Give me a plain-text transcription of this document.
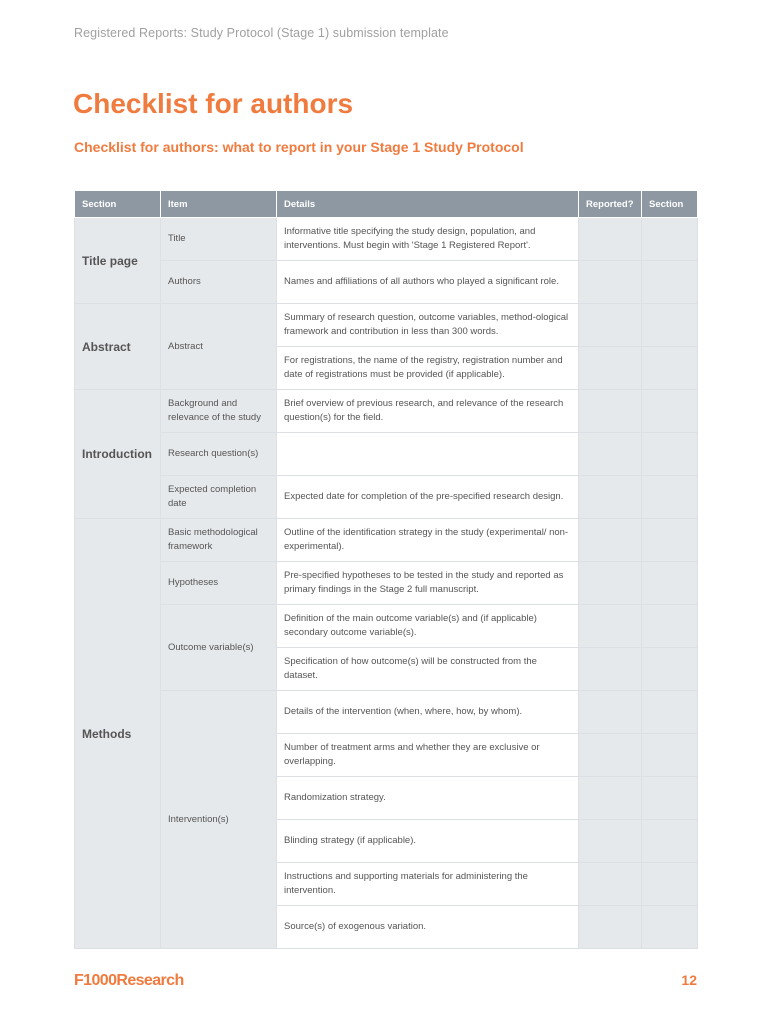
Registered Reports: Study Protocol (Stage 1) submission template
Checklist for authors
Checklist for authors: what to report in your Stage 1 Study Protocol
Section	Item	Details	Reported?	Section
Title page	Title	Informative title specifying the study design, population, and interventions. Must begin with 'Stage 1 Registered Report'.		
	Authors	Names and affiliations of all authors who played a significant role.		
Abstract	Abstract	Summary of research question, outcome variables, method-ological framework and contribution in less than 300 words.		
		For registrations, the name of the registry, registration number and date of registrations must be provided (if applicable).		
Introduction	Background and relevance of the study	Brief overview of previous research, and relevance of the research question(s) for the field.		
	Research question(s)			
	Expected completion date	Expected date for completion of the pre-specified research design.		
Methods	Basic methodological framework	Outline of the identification strategy in the study (experimental/ non-experimental).		
	Hypotheses	Pre-specified hypotheses to be tested in the study and reported as primary findings in the Stage 2 full manuscript.		
	Outcome variable(s)	Definition of the main outcome variable(s) and (if applicable) secondary outcome variable(s).		
		Specification of how outcome(s) will be constructed from the dataset.		
	Intervention(s)	Details of the intervention (when, where, how, by whom).		
		Number of treatment arms and whether they are exclusive or overlapping.		
		Randomization strategy.		
		Blinding strategy (if applicable).		
		Instructions and supporting materials for administering the intervention.		
		Source(s) of exogenous variation.		
F1000Research	12
